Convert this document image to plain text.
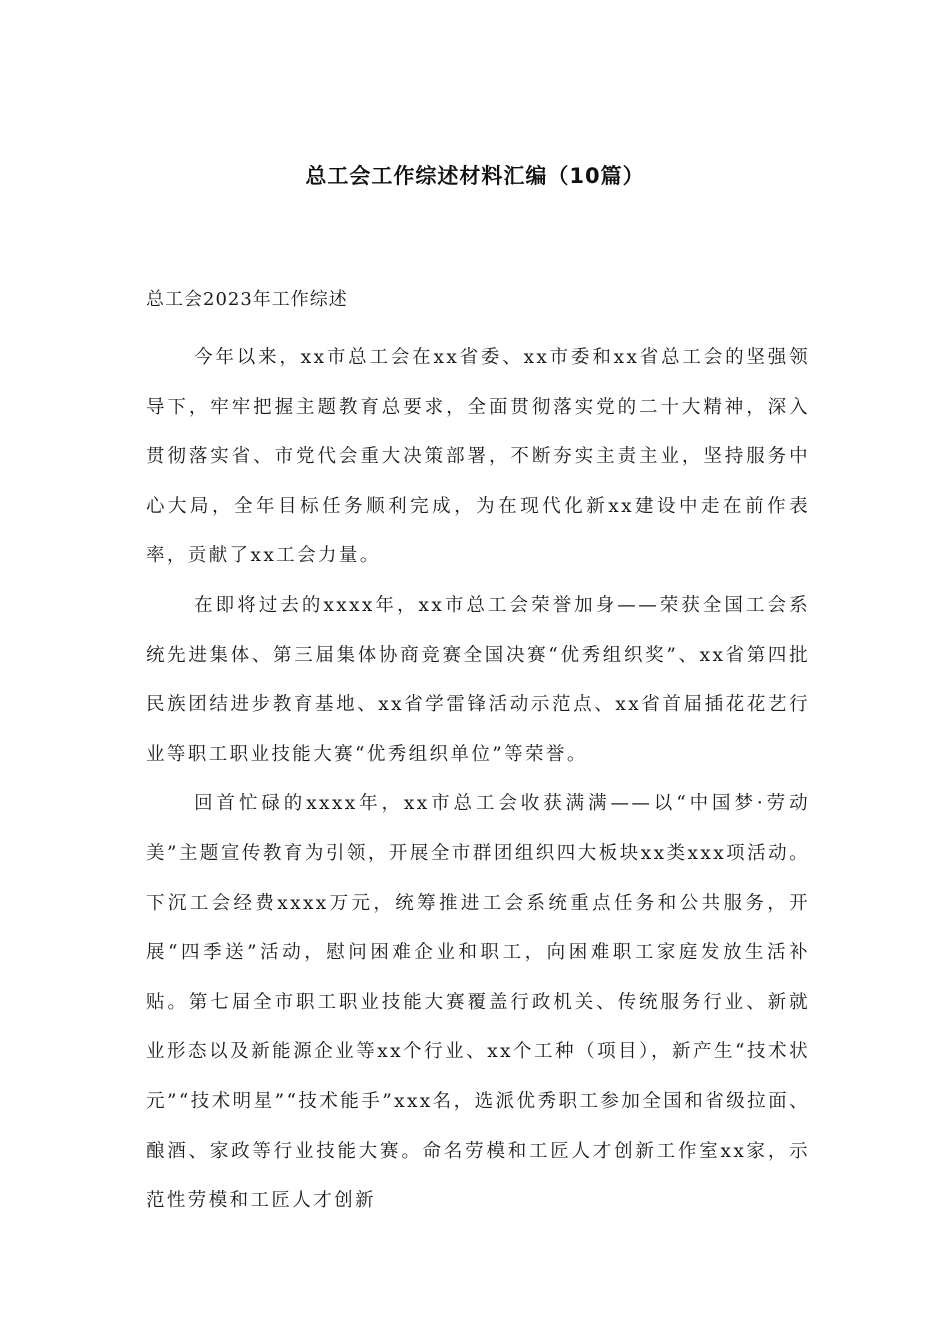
总工会工作综述材料汇编（10篇）
总工会2023年工作综述

今年以来，xx市总工会在xx省委、xx市委和xx省总工会的坚强领导下，牢牢把握主题教育总要求，全面贯彻落实党的二十大精神，深入贯彻落实省、市党代会重大决策部署，不断夯实主责主业，坚持服务中心大局，全年目标任务顺利完成，为在现代化新xx建设中走在前作表率，贡献了xx工会力量。

在即将过去的xxxx年，xx市总工会荣誉加身——荣获全国工会系统先进集体、第三届集体协商竞赛全国决赛“优秀组织奖”、xx省第四批民族团结进步教育基地、xx省学雷锋活动示范点、xx省首届插花花艺行业等职工职业技能大赛“优秀组织单位”等荣誉。

回首忙碌的xxxx年，xx市总工会收获满满——以“中国梦·劳动美”主题宣传教育为引领，开展全市群团组织四大板块xx类xxx项活动。下沉工会经费xxxx万元，统筹推进工会系统重点任务和公共服务，开展“四季送”活动，慰问困难企业和职工，向困难职工家庭发放生活补贴。第七届全市职工职业技能大赛覆盖行政机关、传统服务行业、新就业形态以及新能源企业等xx个行业、xx个工种（项目），新产生“技术状元”“技术明星”“技术能手”xxx名，选派优秀职工参加全国和省级拉面、酿酒、家政等行业技能大赛。命名劳模和工匠人才创新工作室xx家，示范性劳模和工匠人才创新
